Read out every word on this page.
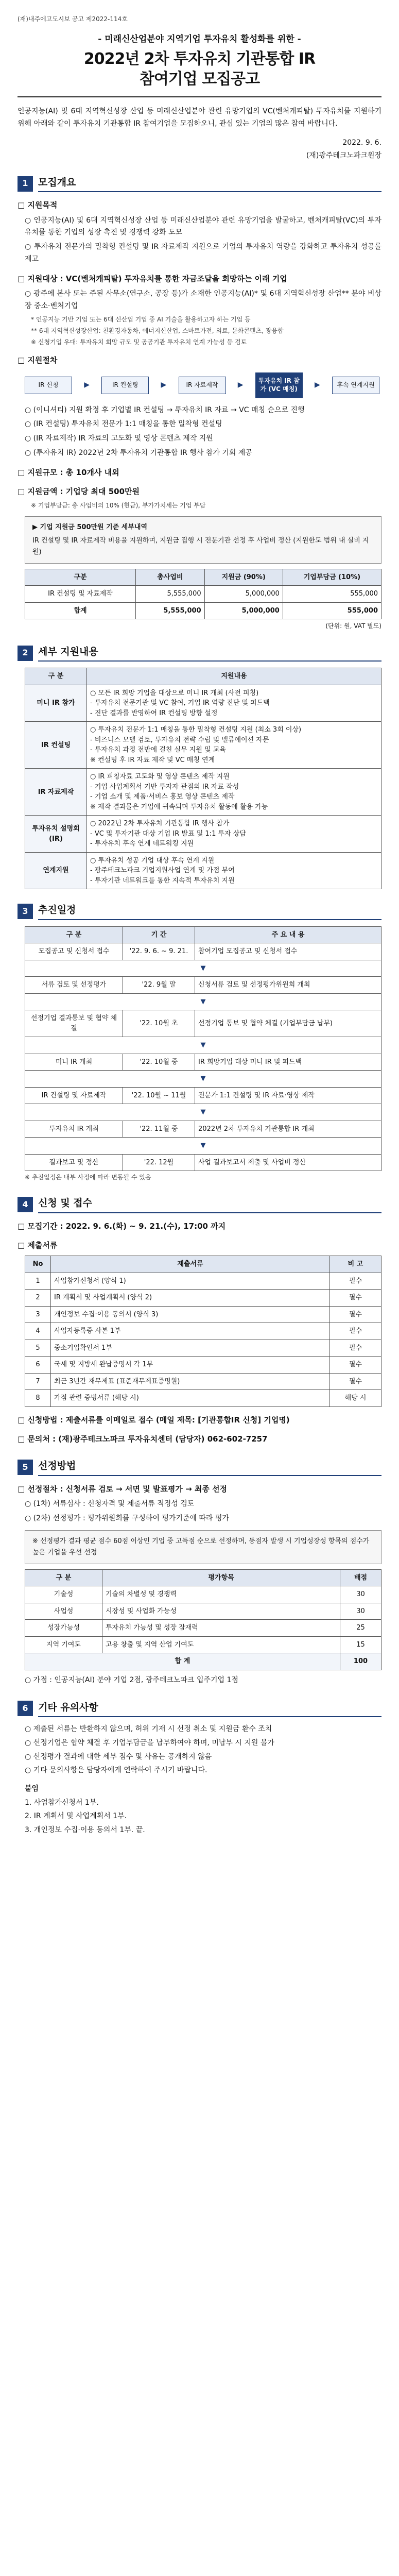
(재)내주에고도시보 공고 제2022-114호
- 미래신산업분야 지역기업 투자유치 활성화를 위한 -
2022년 2차 투자유치 기관통합 IR
참여기업 모집공고
인공지능(AI) 및 6대 지역혁신성장 산업 등 미래신산업분야 관련 유망기업의 VC(벤처캐피탈) 투자유치를 지원하기 위해 아래와 같이 투자유치 기관통합 IR 참여기업을 모집하오니, 관심 있는 기업의 많은 참여 바랍니다.
2022. 9. 6.
(재)광주테크노파크원장
1	모집개요
□ 지원목적
○ 인공지능(AI) 및 6대 지역혁신성장 산업 등 미래신산업분야 관련 유망기업을 발굴하고, 벤처캐피탈(VC)의 투자유치를 통한 기업의 성장 촉진 및 경쟁력 강화 도모
○ 투자유치 전문가의 밀착형 컨설팅 및 IR 자료제작 지원으로 기업의 투자유치 역량을 강화하고 투자유치 성공률 제고
□ 지원대상 : VC(벤처캐피탈) 투자유치를 통한 자금조달을 희망하는 이래 기업
○ 광주에 본사 또는 주된 사무소(연구소, 공장 등)가 소재한 인공지능(AI)* 및 6대 지역혁신성장 산업** 분야 비상장 중소·벤처기업
* 인공지능 기반 기업 또는 6대 신산업 기업 중 AI 기술을 활용하고자 하는 기업 등
** 6대 지역혁신성장산업: 친환경자동차, 에너지신산업, 스마트가전, 의료, 문화콘텐츠, 광융합
※ 신청기업 우대: 투자유치 희망 규모 및 공공기관 투자유치 연계 가능성 등 검토
□ 지원절차
IR 신청	▶	IR 컨설팅	▶	IR 자료제작	▶	투자유치 IR 참가 (VC 매칭)	▶	후속 연계지원
○ (이니셔티) 지원 확정 후 기업별 IR 컨설팅 → 투자유치 IR 자료 → VC 매칭 순으로 진행
○ (IR 컨설팅) 투자유치 전문가 1:1 매칭을 통한 밀착형 컨설팅
○ (IR 자료제작) IR 자료의 고도화 및 영상 콘텐츠 제작 지원
○ (투자유치 IR) 2022년 2차 투자유치 기관통합 IR 행사 참가 기회 제공
□ 지원규모 : 총 10개사 내외
□ 지원금액 : 기업당 최대 500만원
※ 기업부담금: 총 사업비의 10% (현금), 부가가치세는 기업 부담
▶ 기업 지원금 500만원 기준 세부내역
IR 컨설팅 및 IR 자료제작 비용을 지원하며, 지원금 집행 시 전문기관 선정 후 사업비 정산 (지원한도 범위 내 실비 지원)
구분	총사업비	지원금 (90%)	기업부담금 (10%)
IR 컨설팅 및 자료제작	5,555,000	5,000,000	555,000
합계	5,555,000	5,000,000	555,000
(단위: 원, VAT 별도)
2	세부 지원내용
구 분	지원내용
미니 IR 참가	○ 모든 IR 희망 기업을 대상으로 미니 IR 개최 (사전 피칭)
- 투자유치 전문기관 및 VC 참여, 기업 IR 역량 진단 및 피드백
- 진단 결과를 반영하여 IR 컨설팅 방향 설정
IR 컨설팅	○ 투자유치 전문가 1:1 매칭을 통한 밀착형 컨설팅 지원 (최소 3회 이상)
- 비즈니스 모델 검토, 투자유치 전략 수립 및 밸류에이션 자문
- 투자유치 과정 전반에 걸친 실무 지원 및 교육
※ 컨설팅 후 IR 자료 제작 및 VC 매칭 연계
IR 자료제작	○ IR 피칭자료 고도화 및 영상 콘텐츠 제작 지원
- 기업 사업계획서 기반 투자자 관점의 IR 자료 작성
- 기업 소개 및 제품·서비스 홍보 영상 콘텐츠 제작
※ 제작 결과물은 기업에 귀속되며 투자유치 활동에 활용 가능
투자유치 설명회 (IR)	○ 2022년 2차 투자유치 기관통합 IR 행사 참가
- VC 및 투자기관 대상 기업 IR 발표 및 1:1 투자 상담
- 투자유치 후속 연계 네트워킹 지원
연계지원	○ 투자유치 성공 기업 대상 후속 연계 지원
- 광주테크노파크 기업지원사업 연계 및 가점 부여
- 투자기관 네트워크를 통한 지속적 투자유치 지원
3	추진일정
구 분	기 간	주 요 내 용
모집공고 및 신청서 접수	'22. 9. 6. ~ 9. 21.	참여기업 모집공고 및 신청서 접수
▼		
서류 검토 및 선정평가	'22. 9월 말	신청서류 검토 및 선정평가위원회 개최
▼		
선정기업 결과통보 및 협약 체결	'22. 10월 초	선정기업 통보 및 협약 체결 (기업부담금 납부)
▼		
미니 IR 개최	'22. 10월 중	IR 희망기업 대상 미니 IR 및 피드백
▼		
IR 컨설팅 및 자료제작	'22. 10월 ~ 11월	전문가 1:1 컨설팅 및 IR 자료·영상 제작
▼		
투자유치 IR 개최	'22. 11월 중	2022년 2차 투자유치 기관통합 IR 개최
▼		
결과보고 및 정산	'22. 12월	사업 결과보고서 제출 및 사업비 정산
※ 추진일정은 내부 사정에 따라 변동될 수 있음
4	신청 및 접수
□ 모집기간 : 2022. 9. 6.(화) ~ 9. 21.(수), 17:00 까지
□ 제출서류
No	제출서류	비 고
1	사업참가신청서 (양식 1)	필수
2	IR 계획서 및 사업계획서 (양식 2)	필수
3	개인정보 수집·이용 동의서 (양식 3)	필수
4	사업자등록증 사본 1부	필수
5	중소기업확인서 1부	필수
6	국세 및 지방세 완납증명서 각 1부	필수
7	최근 3년간 재무제표 (표준재무제표증명원)	필수
8	가점 관련 증빙서류 (해당 시)	해당 시
□ 신청방법 : 제출서류를 이메일로 접수 (메일 제목: [기관통합IR 신청] 기업명)
□ 문의처 : (재)광주테크노파크 투자유치센터 (담당자) 062-602-7257
5	선정방법
□ 선정절차 : 신청서류 검토 → 서면 및 발표평가 → 최종 선정
○ (1차) 서류심사 : 신청자격 및 제출서류 적정성 검토
○ (2차) 선정평가 : 평가위원회를 구성하여 평가기준에 따라 평가
※ 선정평가 결과 평균 점수 60점 이상인 기업 중 고득점 순으로 선정하며, 동점자 발생 시 기업성장성 항목의 점수가 높은 기업을 우선 선정
구 분	평가항목	배점
기술성	기술의 차별성 및 경쟁력	30
사업성	시장성 및 사업화 가능성	30
성장가능성	투자유치 가능성 및 성장 잠재력	25
지역 기여도	고용 창출 및 지역 산업 기여도	15
합 계		100
○ 가점 : 인공지능(AI) 분야 기업 2점, 광주테크노파크 입주기업 1점
6	기타 유의사항
○ 제출된 서류는 반환하지 않으며, 허위 기재 시 선정 취소 및 지원금 환수 조치
○ 선정기업은 협약 체결 후 기업부담금을 납부하여야 하며, 미납부 시 지원 불가
○ 선정평가 결과에 대한 세부 점수 및 사유는 공개하지 않음
○ 기타 문의사항은 담당자에게 연락하여 주시기 바랍니다.
붙임
1. 사업참가신청서 1부.
2. IR 계획서 및 사업계획서 1부.
3. 개인정보 수집·이용 동의서 1부. 끝.
